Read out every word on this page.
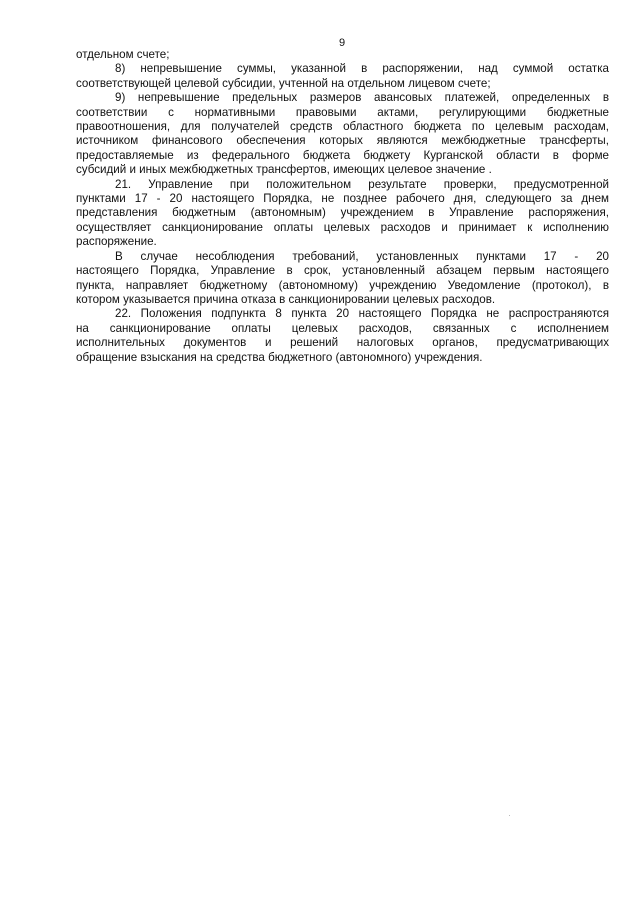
9

отдельном счете;

8) непревышение суммы, указанной в распоряжении, над суммой остатка
соответствующей целевой субсидии, учтенной на отдельном лицевом счете;

9) непревышение предельных размеров авансовых платежей, определенных в
соответствии с нормативными правовыми актами, регулирующими бюджетные
правоотношения, для получателей средств областного бюджета по целевым расходам,
источником финансового обеспечения которых являются межбюджетные трансферты,
предоставляемые из федерального бюджета бюджету Курганской области в форме
субсидий и иных межбюджетных трансфертов, имеющих целевое значение .

21. Управление при положительном результате проверки, предусмотренной
пунктами 17 - 20 настоящего Порядка, не позднее рабочего дня, следующего за днем
представления бюджетным (автономным) учреждением в Управление распоряжения,
осуществляет санкционирование оплаты целевых расходов и принимает к исполнению
распоряжение.

В случае несоблюдения требований, установленных пунктами 17 - 20
настоящего Порядка, Управление в срок, установленный абзацем первым настоящего
пункта, направляет бюджетному (автономному) учреждению Уведомление (протокол), в
котором указывается причина отказа в санкционировании целевых расходов.

22. Положения подпункта 8 пункта 20 настоящего Порядка не распространяются
на санкционирование оплаты целевых расходов, связанных с исполнением
исполнительных документов и решений налоговых органов, предусматривающих
обращение взыскания на средства бюджетного (автономного) учреждения.
